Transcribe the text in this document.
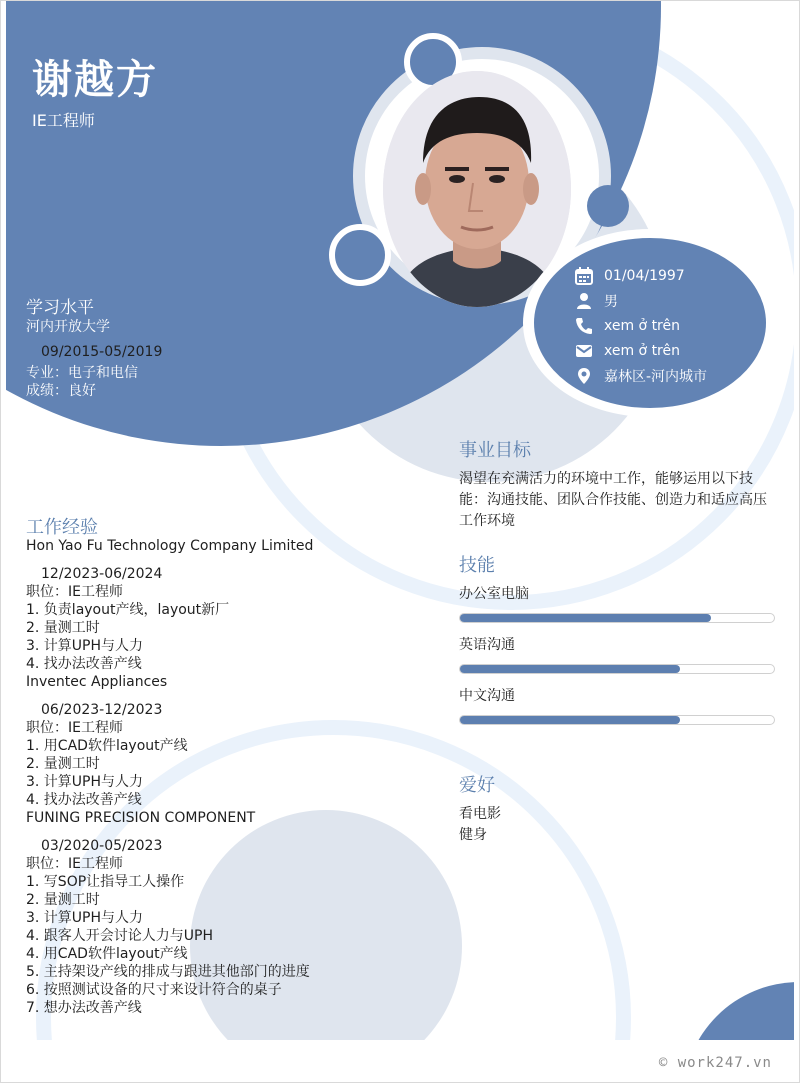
谢越方
IE工程师
学习水平
河内开放大学
09/2015-05/2019
专业：电子和电信
成绩：良好
01/04/1997
男
xem ở trên
xem ở trên
嘉林区-河内城市
事业目标
渴望在充满活力的环境中工作，能够运用以下技
能：沟通技能、团队合作技能、创造力和适应高压
工作环境
技能
办公室电脑
英语沟通
中文沟通
爱好
看电影
健身
工作经验
Hon Yao Fu Technology Company Limited
12/2023-06/2024
职位：IE工程师
1. 负责layout产线，layout新厂
2. 量测工时
3. 计算UPH与人力
4. 找办法改善产线
Inventec Appliances
06/2023-12/2023
职位：IE工程师
1. 用CAD软件layout产线
2. 量测工时
3. 计算UPH与人力
4. 找办法改善产线
FUNING PRECISION COMPONENT
03/2020-05/2023
职位：IE工程师
1. 写SOP让指导工人操作
2. 量测工时
3. 计算UPH与人力
4. 跟客人开会讨论人力与UPH
4. 用CAD软件layout产线
5. 主持架设产线的排成与跟进其他部门的进度
6. 按照测试设备的尺寸来设计符合的桌子
7. 想办法改善产线
© work247.vn
